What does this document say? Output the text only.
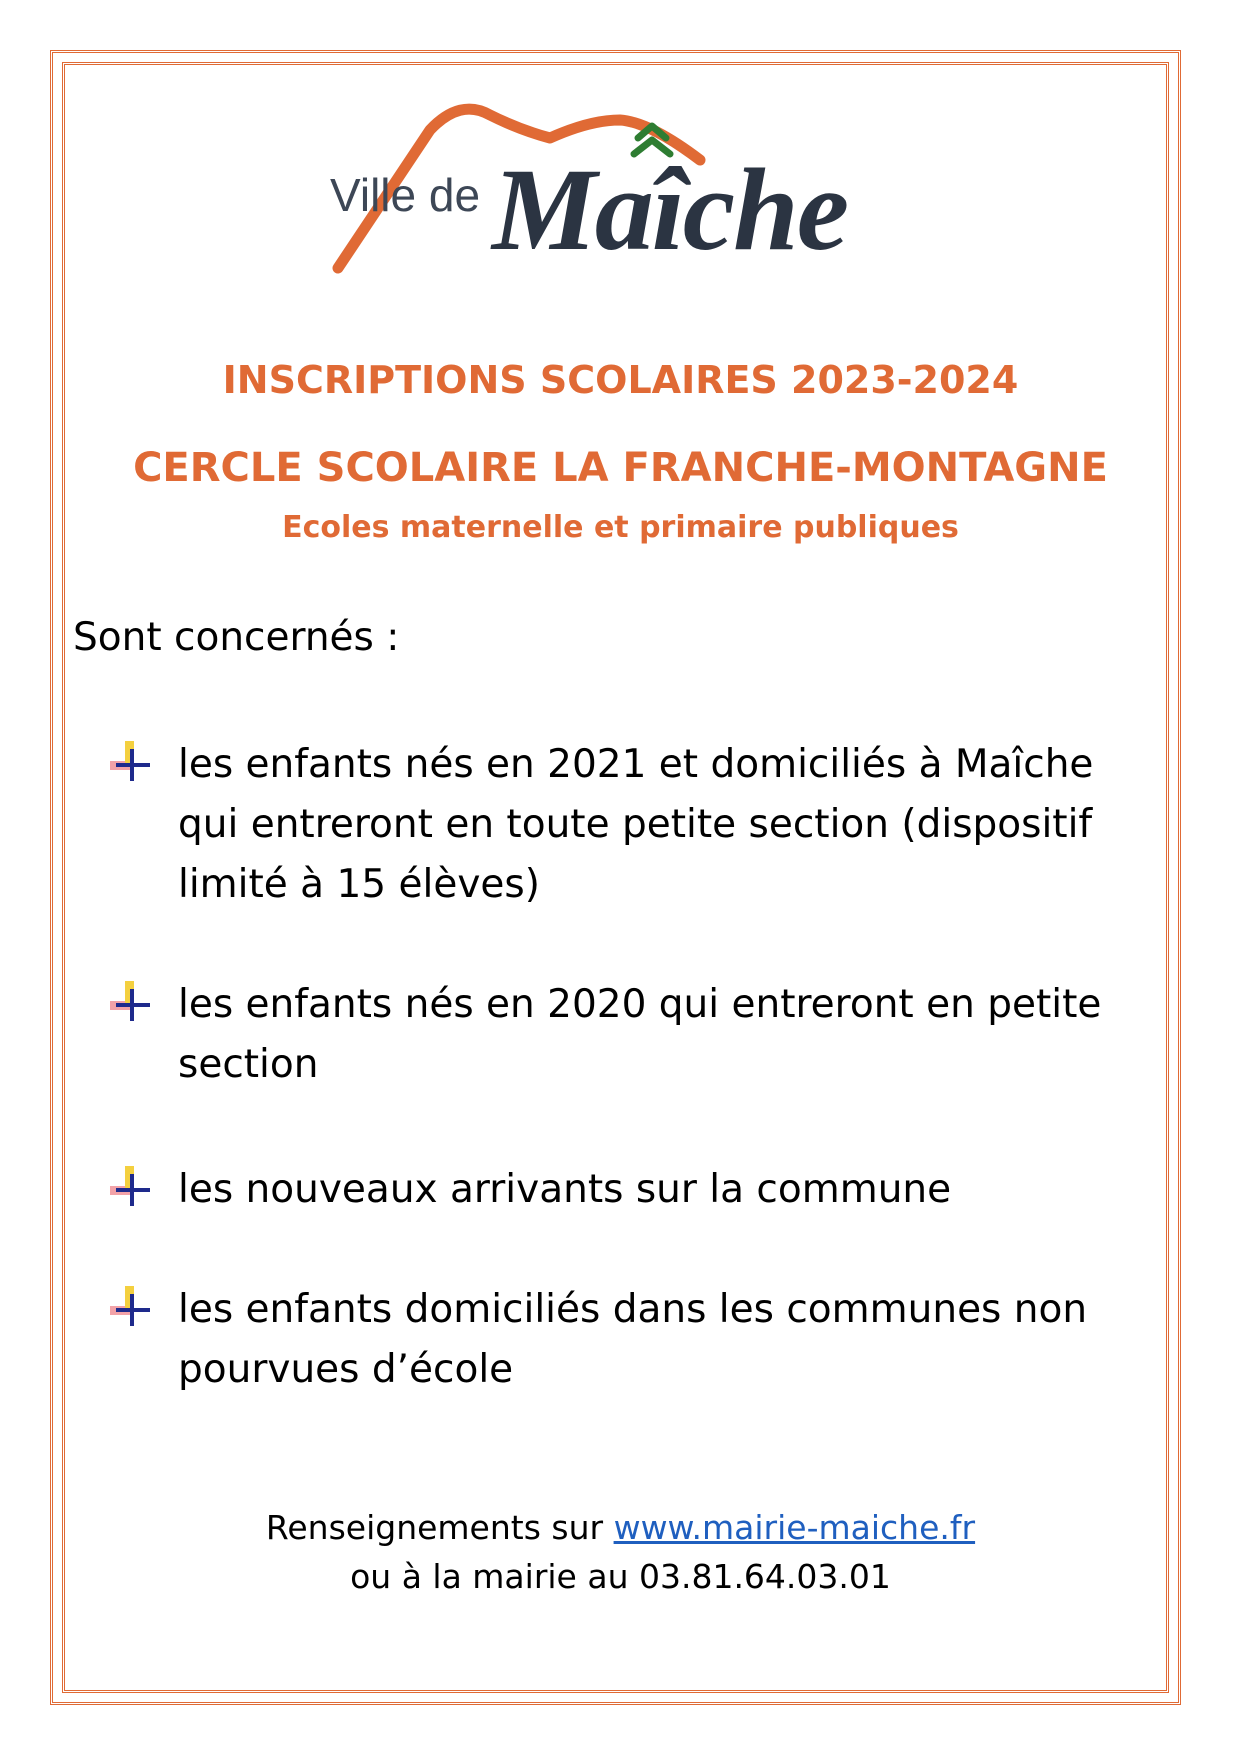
Ville de Maîche
INSCRIPTIONS SCOLAIRES 2023-2024
CERCLE SCOLAIRE LA FRANCHE-MONTAGNE
Ecoles maternelle et primaire publiques
Sont concernés :
les enfants nés en 2021 et domiciliés à Maîche qui entreront en toute petite section (dispositif limité à 15 élèves)
les enfants nés en 2020 qui entreront en petite section
les nouveaux arrivants sur la commune
les enfants domiciliés dans les communes non pourvues d’école
Renseignements sur www.mairie-maiche.fr
ou à la mairie au 03.81.64.03.01
